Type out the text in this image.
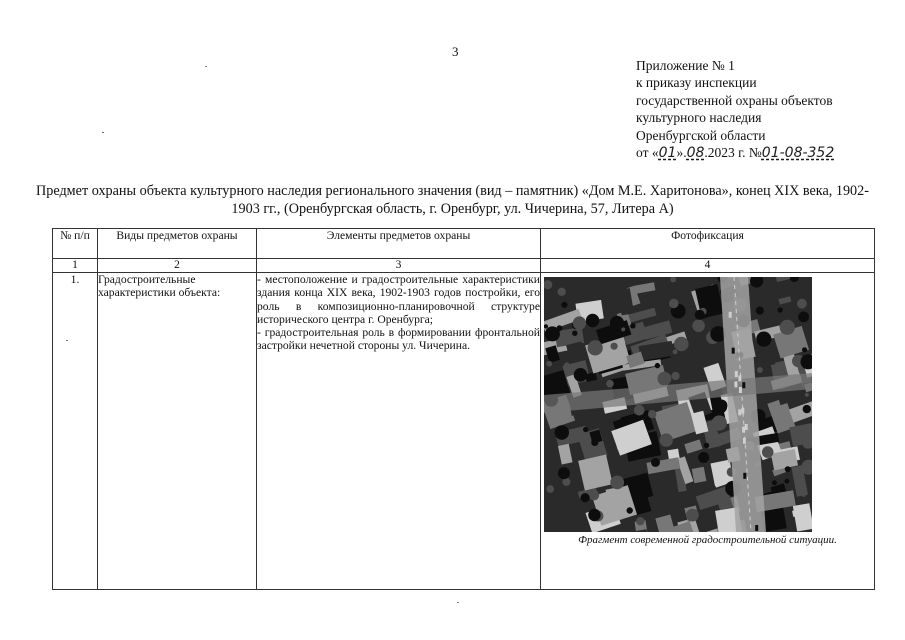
3
Приложение № 1
к приказу инспекции
государственной охраны объектов
культурного наследия
Оренбургской области
от «01».08.2023 г. №01-08-352
Предмет охраны объекта культурного наследия регионального значения (вид – памятник) «Дом М.Е. Харитонова», конец XIX века, 1902-1903 гг., (Оренбургская область, г. Оренбург, ул. Чичерина, 57, Литера А)
№ п/п	Виды предметов охраны	Элементы предметов охраны	Фотофиксация
1	2	3	4
1.	Градостроительные характеристики объекта:	- местоположение и градостроительные характеристики здания конца XIX века, 1902-1903 годов постройки, его роль в композиционно-планировочной структуре исторического центра г. Оренбурга;
- градостроительная роль в формировании фронтальной застройки нечетной стороны ул. Чичерина.	Фрагмент современной градостроительной ситуации.
